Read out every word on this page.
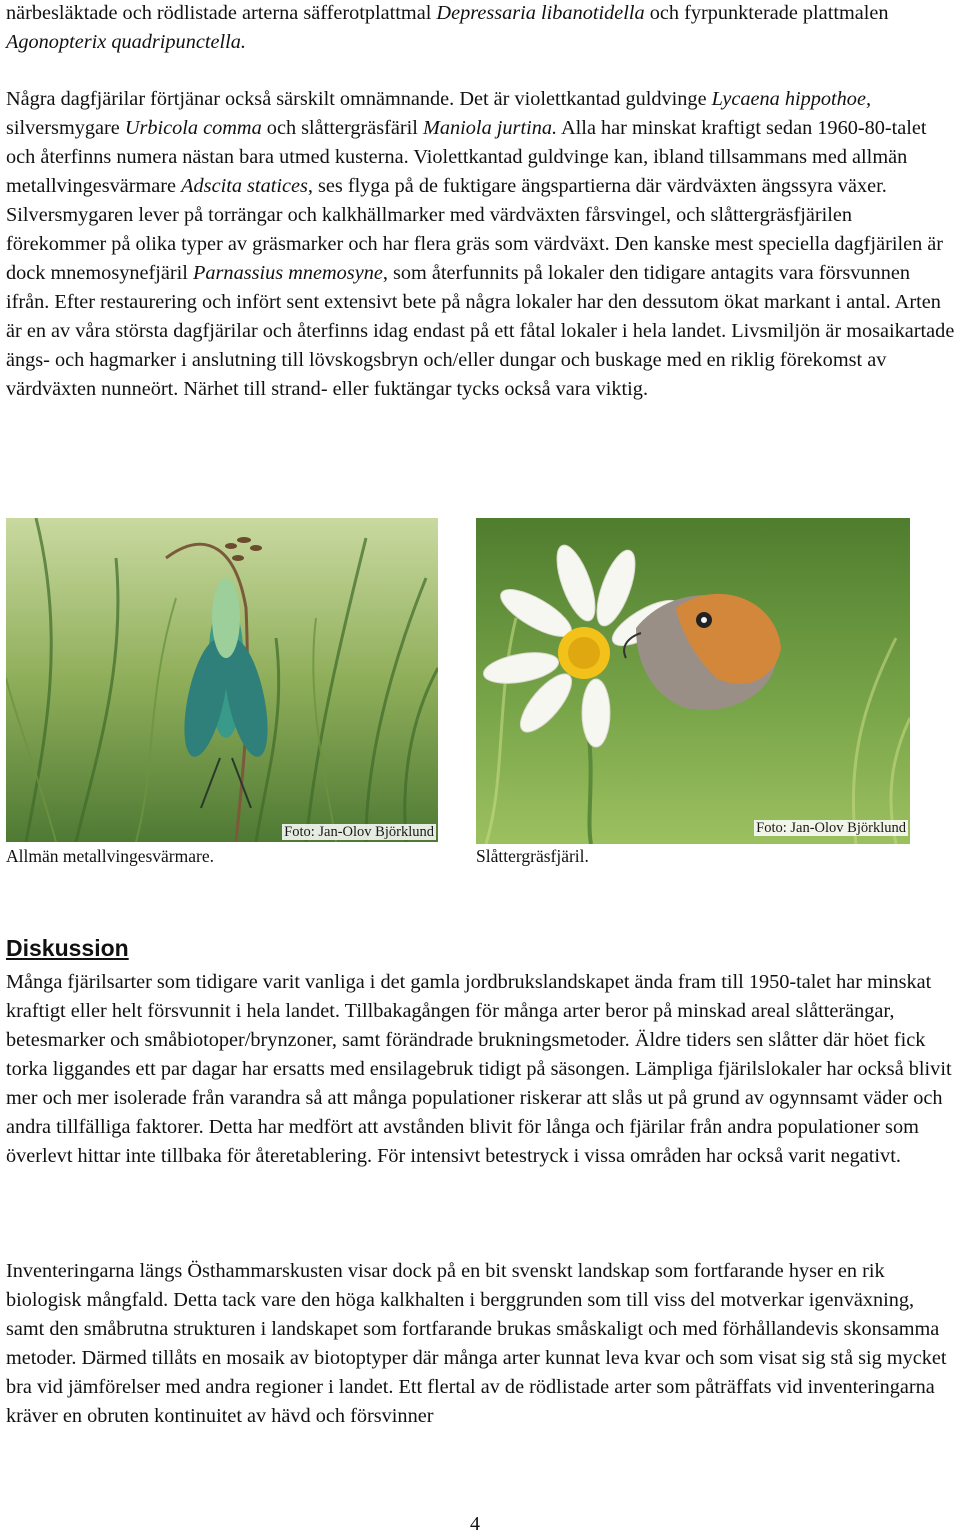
närbesläktade och rödlistade arterna säfferotplattmal Depressaria libanotidella och fyrpunkterade plattmalen Agonopterix quadripunctella.

Några dagfjärilar förtjänar också särskilt omnämnande. Det är violettkantad guldvinge Lycaena hippothoe, silversmygare Urbicola comma och slåttergräsfäril Maniola jurtina. Alla har minskat kraftigt sedan 1960-80-talet och återfinns numera nästan bara utmed kusterna. Violettkantad guldvinge kan, ibland tillsammans med allmän metallvingesvärmare Adscita statices, ses flyga på de fuktigare ängspartierna där värdväxten ängssyra växer. Silversmygaren lever på torrängar och kalkhällmarker med värdväxten fårsvingel, och slåttergräsfjärilen förekommer på olika typer av gräsmarker och har flera gräs som värdväxt. Den kanske mest speciella dagfjärilen är dock mnemosynefjäril Parnassius mnemosyne, som återfunnits på lokaler den tidigare antagits vara försvunnen ifrån. Efter restaurering och infört sent extensivt bete på några lokaler har den dessutom ökat markant i antal. Arten är en av våra största dagfjärilar och återfinns idag endast på ett fåtal lokaler i hela landet. Livsmiljön är mosaikartade ängs- och hagmarker i anslutning till lövskogsbryn och/eller dungar och buskage med en riklig förekomst av värdväxten nunneört. Närhet till strand- eller fuktängar tycks också vara viktig.

Foto: Jan-Olov Björklund
Allmän metallvingesvärmare.
Foto: Jan-Olov Björklund
Slåttergräsfjäril.
Diskussion

Många fjärilsarter som tidigare varit vanliga i det gamla jordbrukslandskapet ända fram till 1950-talet har minskat kraftigt eller helt försvunnit i hela landet. Tillbakagången för många arter beror på minskad areal slåtterängar, betesmarker och småbiotoper/brynzoner, samt förändrade brukningsmetoder. Äldre tiders sen slåtter där höet fick torka liggandes ett par dagar har ersatts med ensilagebruk tidigt på säsongen. Lämpliga fjärilslokaler har också blivit mer och mer isolerade från varandra så att många populationer riskerar att slås ut på grund av ogynnsamt väder och andra tillfälliga faktorer. Detta har medfört att avstånden blivit för långa och fjärilar från andra populationer som överlevt hittar inte tillbaka för återetablering. För intensivt betestryck i vissa områden har också varit negativt.

Inventeringarna längs Östhammarskusten visar dock på en bit svenskt landskap som fortfarande hyser en rik biologisk mångfald. Detta tack vare den höga kalkhalten i berggrunden som till viss del motverkar igenväxning, samt den småbrutna strukturen i landskapet som fortfarande brukas småskaligt och med förhållandevis skonsamma metoder. Därmed tillåts en mosaik av biotoptyper där många arter kunnat leva kvar och som visat sig stå sig mycket bra vid jämförelser med andra regioner i landet. Ett flertal av de rödlistade arter som påträffats vid inventeringarna kräver en obruten kontinuitet av hävd och försvinner

4
